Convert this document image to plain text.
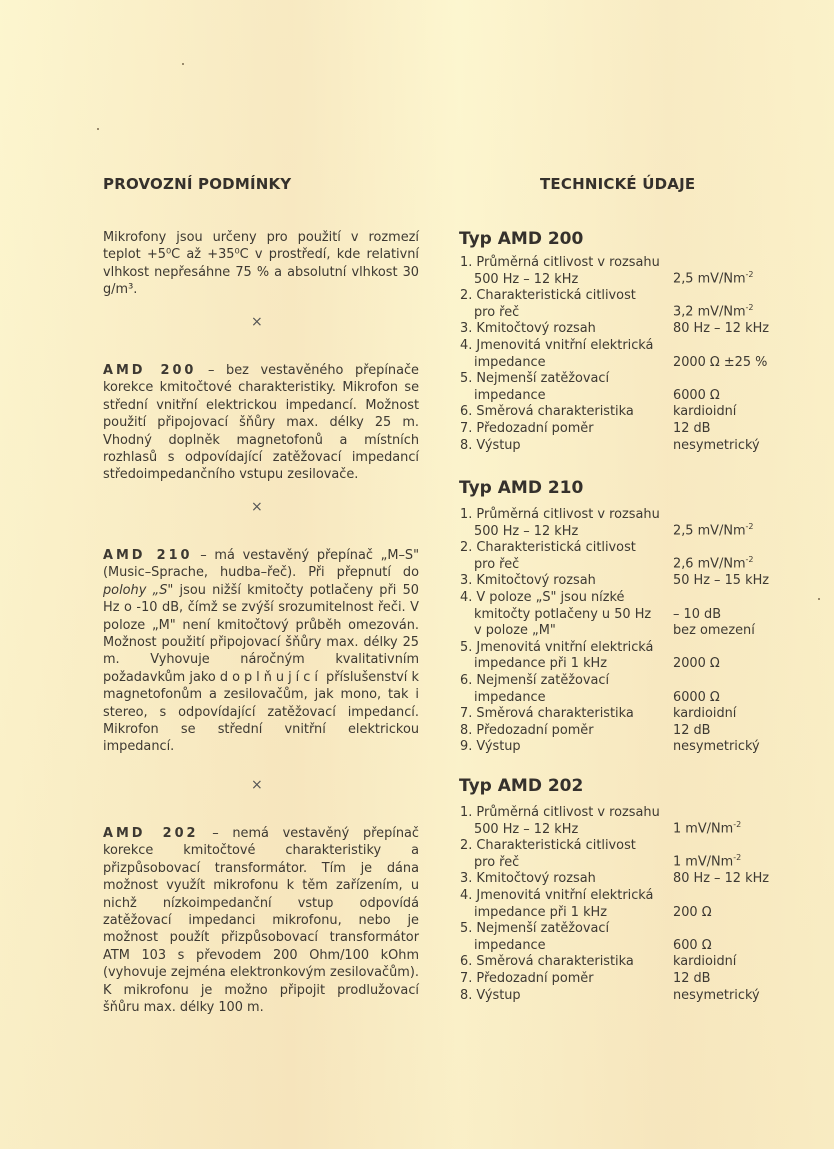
PROVOZNÍ PODMÍNKY

Mikrofony jsou určeny pro použití v rozmezí teplot +5⁰C až +35⁰C v prostředí, kde relativní vlhkost nepřesáhne 75 % a absolutní vlhkost 30 g/m³.

×

AMD 200 – bez vestavěného přepínače korekce kmitočtové charakteristiky. Mikrofon se střední vnitřní elektrickou impedancí. Možnost použití připojovací šňůry max. délky 25 m. Vhodný doplněk magnetofonů a místních rozhlasů s odpovídající zatěžovací impedancí středoimpedančního vstupu zesilovače.

×

AMD 210 – má vestavěný přepínač „M–S" (Music–Sprache, hudba–řeč). Při přepnutí do polohy „S" jsou nižší kmitočty potlačeny při 50 Hz o -10 dB, čímž se zvýší srozumitelnost řeči. V poloze „M" není kmitočtový průběh omezován. Možnost použití připojovací šňůry max. délky 25 m. Vyhovuje náročným kvalitativním požadavkům jako doplňující příslušenství k magnetofonům a zesilovačům, jak mono, tak i stereo, s odpovídající zatěžovací impedancí. Mikrofon se střední vnitřní elektrickou impedancí.

×

AMD 202 – nemá vestavěný přepínač korekce kmitočtové charakteristiky a přizpůsobovací transformátor. Tím je dána možnost využít mikrofonu k těm zařízením, u nichž nízkoimpedanční vstup odpovídá zatěžovací impedanci mikrofonu, nebo je možnost použít přizpůsobovací transformátor ATM 103 s převodem 200 Ohm/100 kOhm (vyhovuje zejména elektronkovým zesilovačům). K mikrofonu je možno připojit prodlužovací šňůru max. délky 100 m.

TECHNICKÉ ÚDAJE
Typ AMD 200
1. Průměrná citlivost v rozsahu
500 Hz – 12 kHz	2,5 $mV/Nm^{-2}$
2. Charakteristická citlivost
pro řeč	3,2 $mV/Nm^{-2}$
3. Kmitočtový rozsah	80 Hz – 12 kHz
4. Jmenovitá vnitřní elektrická
impedance	2000 Ω ±25 %
5. Nejmenší zatěžovací
impedance	6000 Ω
6. Směrová charakteristika	kardioidní
7. Předozadní poměr	12 dB
8. Výstup	nesymetrický
Typ AMD 210
1. Průměrná citlivost v rozsahu
500 Hz – 12 kHz	2,5 $mV/Nm^{-2}$
2. Charakteristická citlivost
pro řeč	2,6 $mV/Nm^{-2}$
3. Kmitočtový rozsah	50 Hz – 15 kHz
4. V poloze „S" jsou nízké
kmitočty potlačeny u 50 Hz	– 10 dB
v poloze „M"	bez omezení
5. Jmenovitá vnitřní elektrická
impedance při 1 kHz	2000 Ω
6. Nejmenší zatěžovací
impedance	6000 Ω
7. Směrová charakteristika	kardioidní
8. Předozadní poměr	12 dB
9. Výstup	nesymetrický
Typ AMD 202
1. Průměrná citlivost v rozsahu
500 Hz – 12 kHz	1 $mV/Nm^{-2}$
2. Charakteristická citlivost
pro řeč	1 $mV/Nm^{-2}$
3. Kmitočtový rozsah	80 Hz – 12 kHz
4. Jmenovitá vnitřní elektrická
impedance při 1 kHz	200 Ω
5. Nejmenší zatěžovací
impedance	600 Ω
6. Směrová charakteristika	kardioidní
7. Předozadní poměr	12 dB
8. Výstup	nesymetrický
